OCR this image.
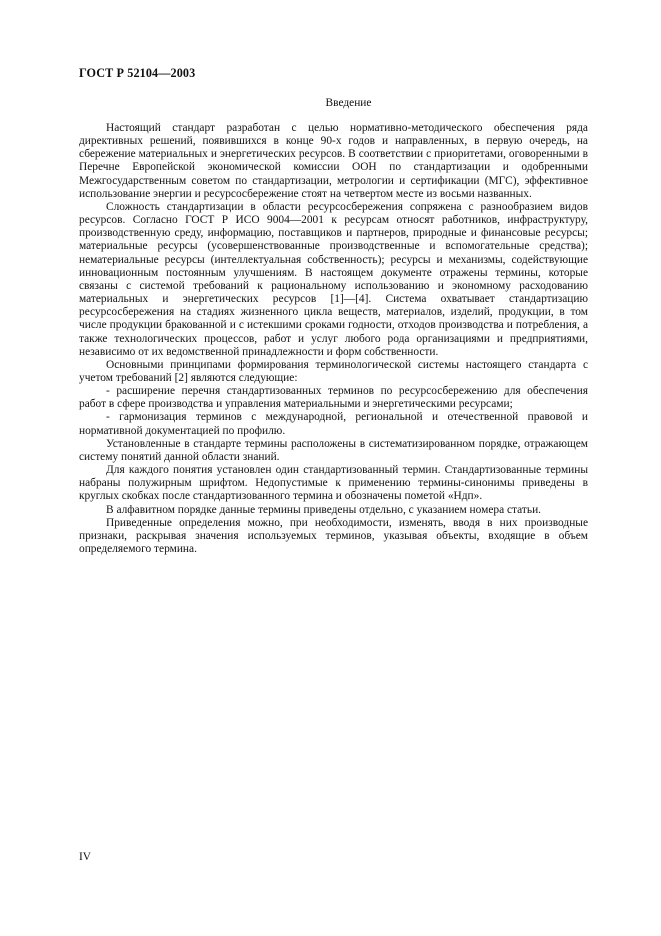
ГОСТ Р 52104—2003
Введение

Настоящий стандарт разработан с целью нормативно-методического обеспечения ряда директивных решений, появившихся в конце 90-х годов и направленных, в первую очередь, на сбережение материальных и энергетических ресурсов. В соответствии с приоритетами, оговоренными в Перечне Европейской экономической комиссии ООН по стандартизации и одобренными Межгосударственным советом по стандартизации, метрологии и сертификации (МГС), эффективное использование энергии и ресурсосбережение стоят на четвертом месте из восьми названных.

Сложность стандартизации в области ресурсосбережения сопряжена с разнообразием видов ресурсов. Согласно ГОСТ Р ИСО 9004—2001 к ресурсам относят работников, инфраструктуру, производственную среду, информацию, поставщиков и партнеров, природные и финансовые ресурсы; материальные ресурсы (усовершенствованные производственные и вспомогательные средства); нематериальные ресурсы (интеллектуальная собственность); ресурсы и механизмы, содействующие инновационным постоянным улучшениям. В настоящем документе отражены термины, которые связаны с системой требований к рациональному использованию и экономному расходованию материальных и энергетических ресурсов [1]—[4]. Система охватывает стандартизацию ресурсосбережения на стадиях жизненного цикла веществ, материалов, изделий, продукции, в том числе продукции бракованной и с истекшими сроками годности, отходов производства и потребления, а также технологических процессов, работ и услуг любого рода организациями и предприятиями, независимо от их ведомственной принадлежности и форм собственности.

Основными принципами формирования терминологической системы настоящего стандарта с учетом требований [2] являются следующие:

- расширение перечня стандартизованных терминов по ресурсосбережению для обеспечения работ в сфере производства и управления материальными и энергетическими ресурсами;

- гармонизация терминов с международной, региональной и отечественной правовой и нормативной документацией по профилю.

Установленные в стандарте термины расположены в систематизированном порядке, отражающем систему понятий данной области знаний.

Для каждого понятия установлен один стандартизованный термин. Стандартизованные термины набраны полужирным шрифтом. Недопустимые к применению термины-синонимы приведены в круглых скобках после стандартизованного термина и обозначены пометой «Ндп».

В алфавитном порядке данные термины приведены отдельно, с указанием номера статьи.

Приведенные определения можно, при необходимости, изменять, вводя в них производные признаки, раскрывая значения используемых терминов, указывая объекты, входящие в объем определяемого термина.

IV
